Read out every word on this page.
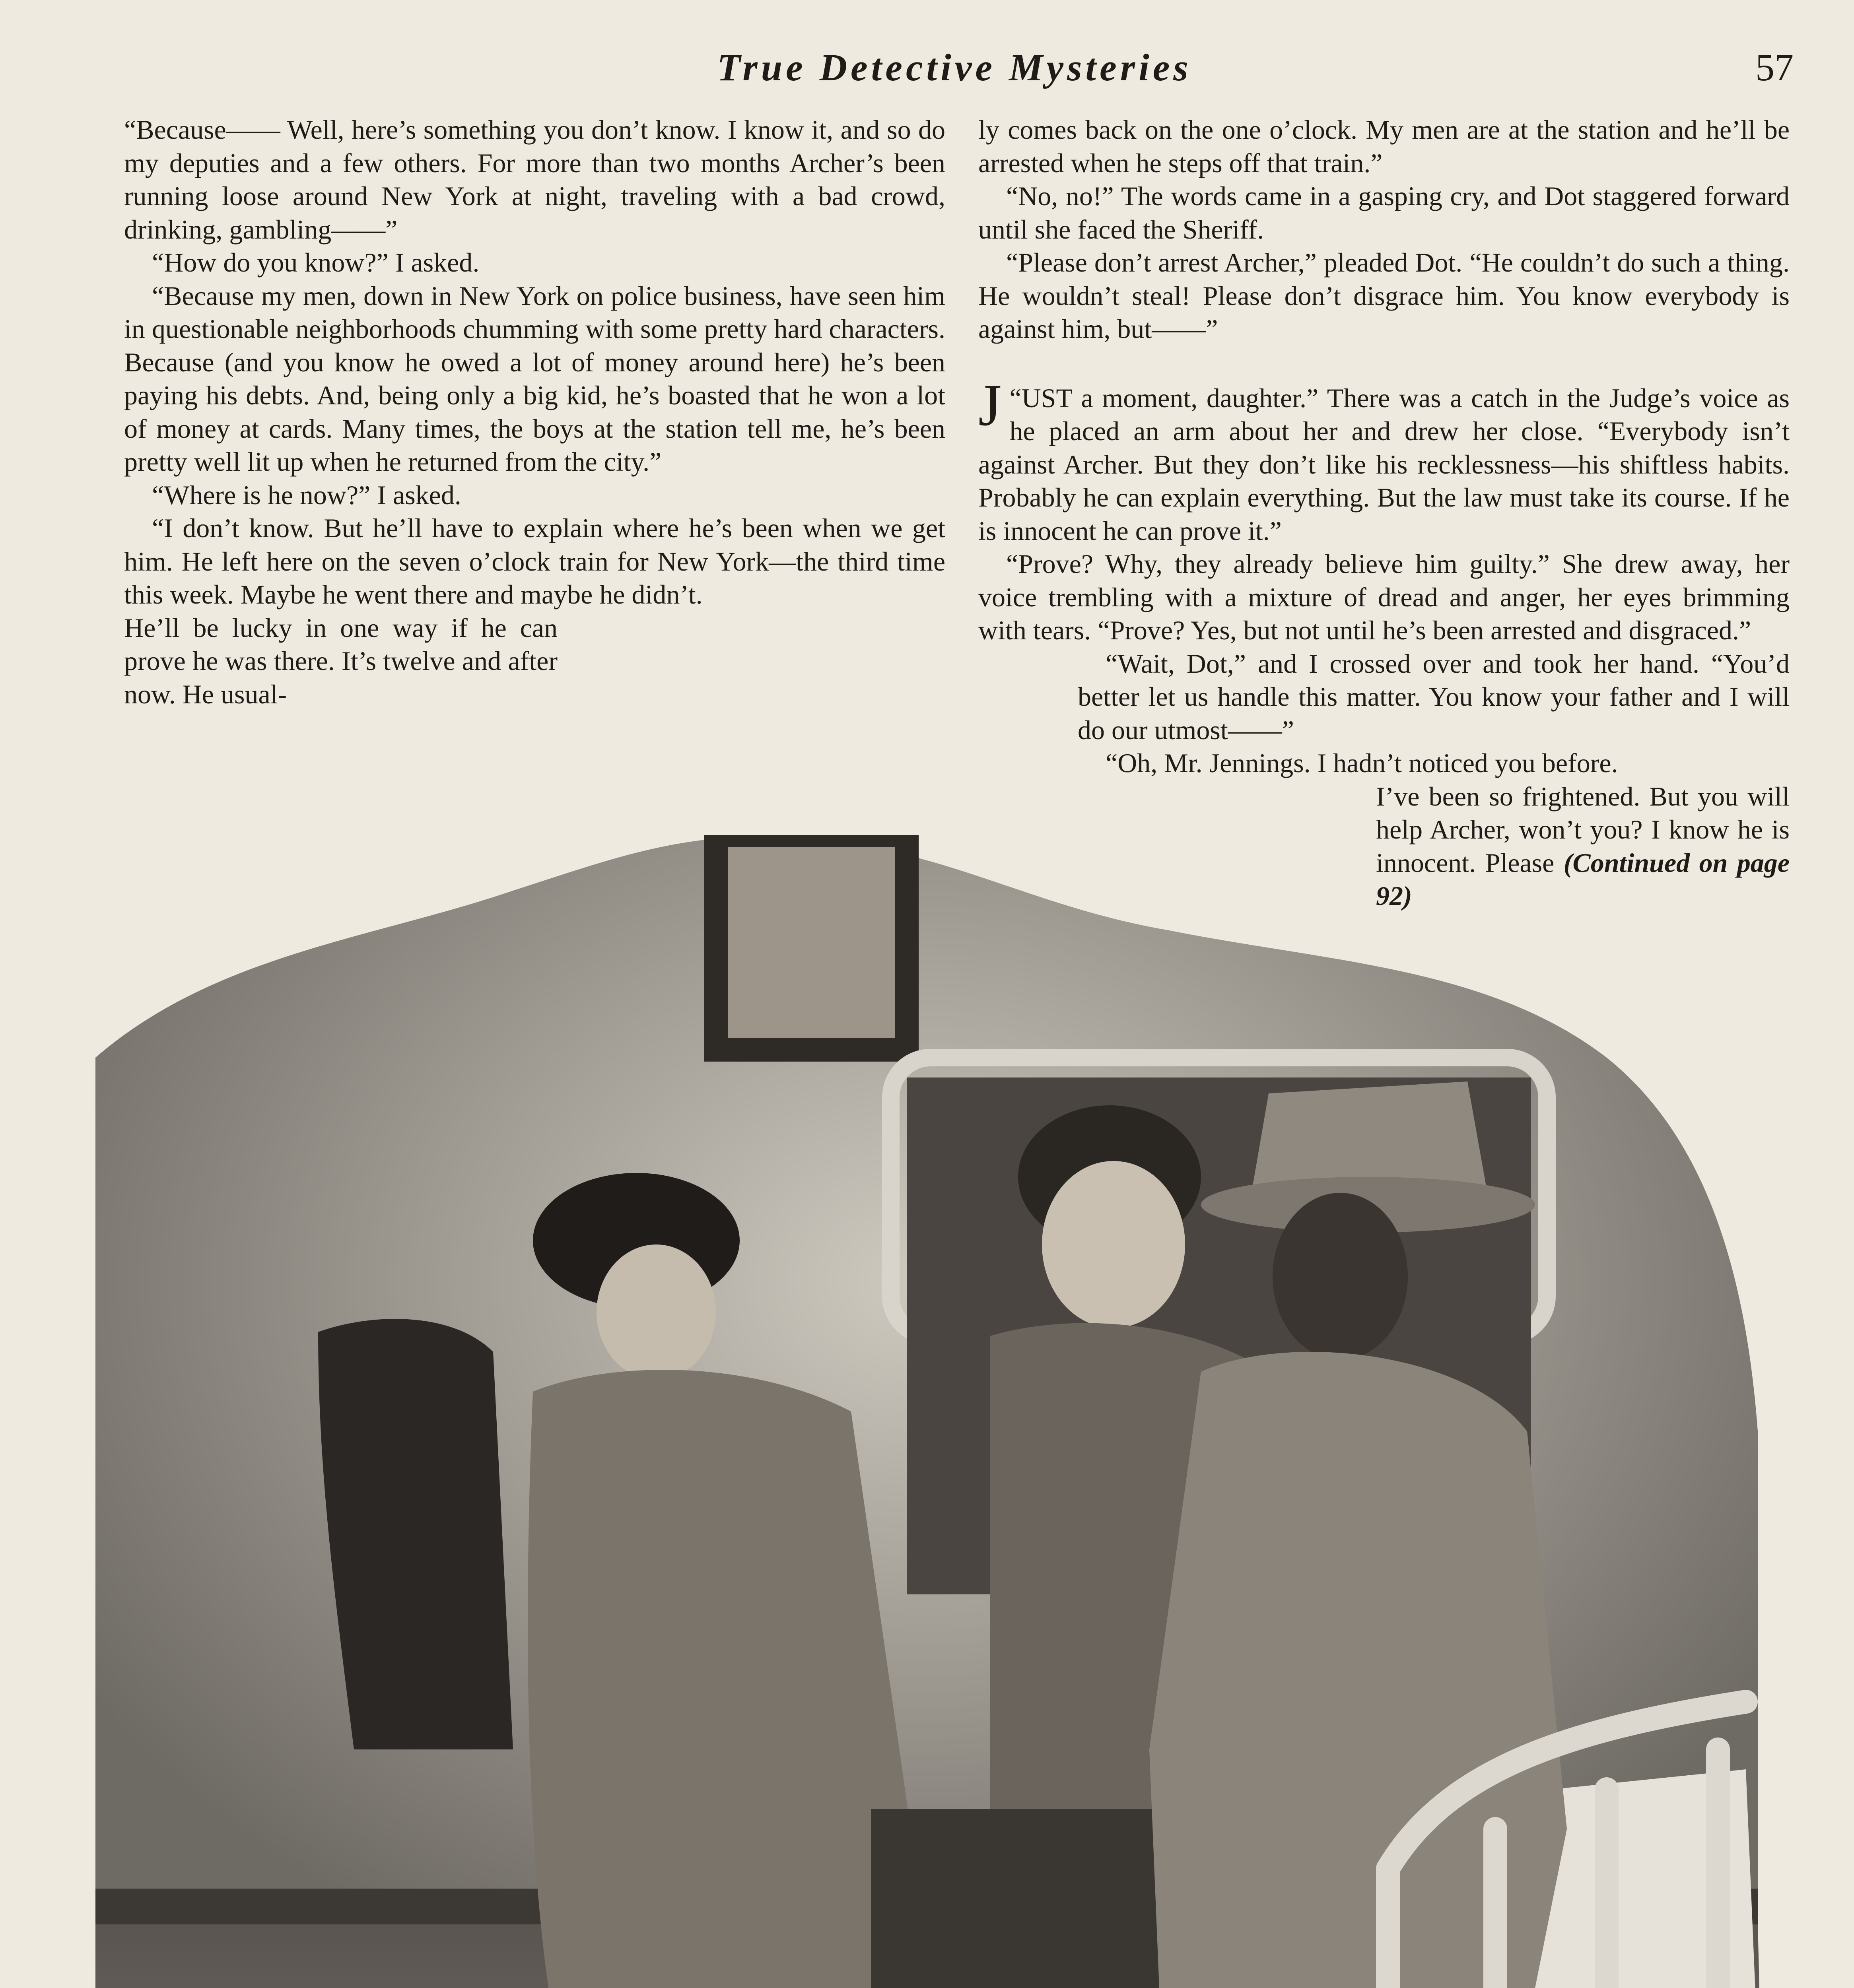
True Detective Mysteries	57

“Because—— Well, here’s something you don’t know. I know it, and so do my deputies and a few others. For more than two months Archer’s been running loose around New York at night, traveling with a bad crowd, drinking, gambling——”

“How do you know?” I asked.

“Because my men, down in New York on police business, have seen him in questionable neighborhoods chumming with some pretty hard characters. Because (and you know he owed a lot of money around here) he’s been paying his debts. And, being only a big kid, he’s boasted that he won a lot of money at cards. Many times, the boys at the station tell me, he’s been pretty well lit up when he returned from the city.”

“Where is he now?” I asked.

“I don’t know. But he’ll have to explain where he’s been when we get him. He left here on the seven o’clock train for New York—the third time this week. Maybe he went there and maybe he didn’t.

He’ll be lucky in one way if he can prove he was there. It’s twelve and after now. He usual-

ly comes back on the one o’clock. My men are at the station and he’ll be arrested when he steps off that train.”

“No, no!” The words came in a gasping cry, and Dot staggered forward until she faced the Sheriff.

“Please don’t arrest Archer,” pleaded Dot. “He couldn’t do such a thing. He wouldn’t steal! Please don’t disgrace him. You know everybody is against him, but——”

“
J UST a moment, daughter.” There was a catch in the Judge’s voice as he placed an arm about her and drew her close. “Everybody isn’t against Archer. But they don’t like his recklessness—his shiftless habits. Probably he can explain everything. But the law must take its course. If he is innocent he can prove it.”

“Prove? Why, they already believe him guilty.” She drew away, her voice trembling with a mixture of dread and anger, her eyes brimming with tears. “Prove? Yes, but not until he’s been arrested and disgraced.”

“Wait, Dot,” and I crossed over and took her hand. “You’d better let us handle this matter. You know your father and I will do our utmost——”

“Oh, Mr. Jennings. I hadn’t noticed you before.

I’ve been so frightened. But you will help Archer, won’t you? I know he is innocent. Please (Continued on page 92)
